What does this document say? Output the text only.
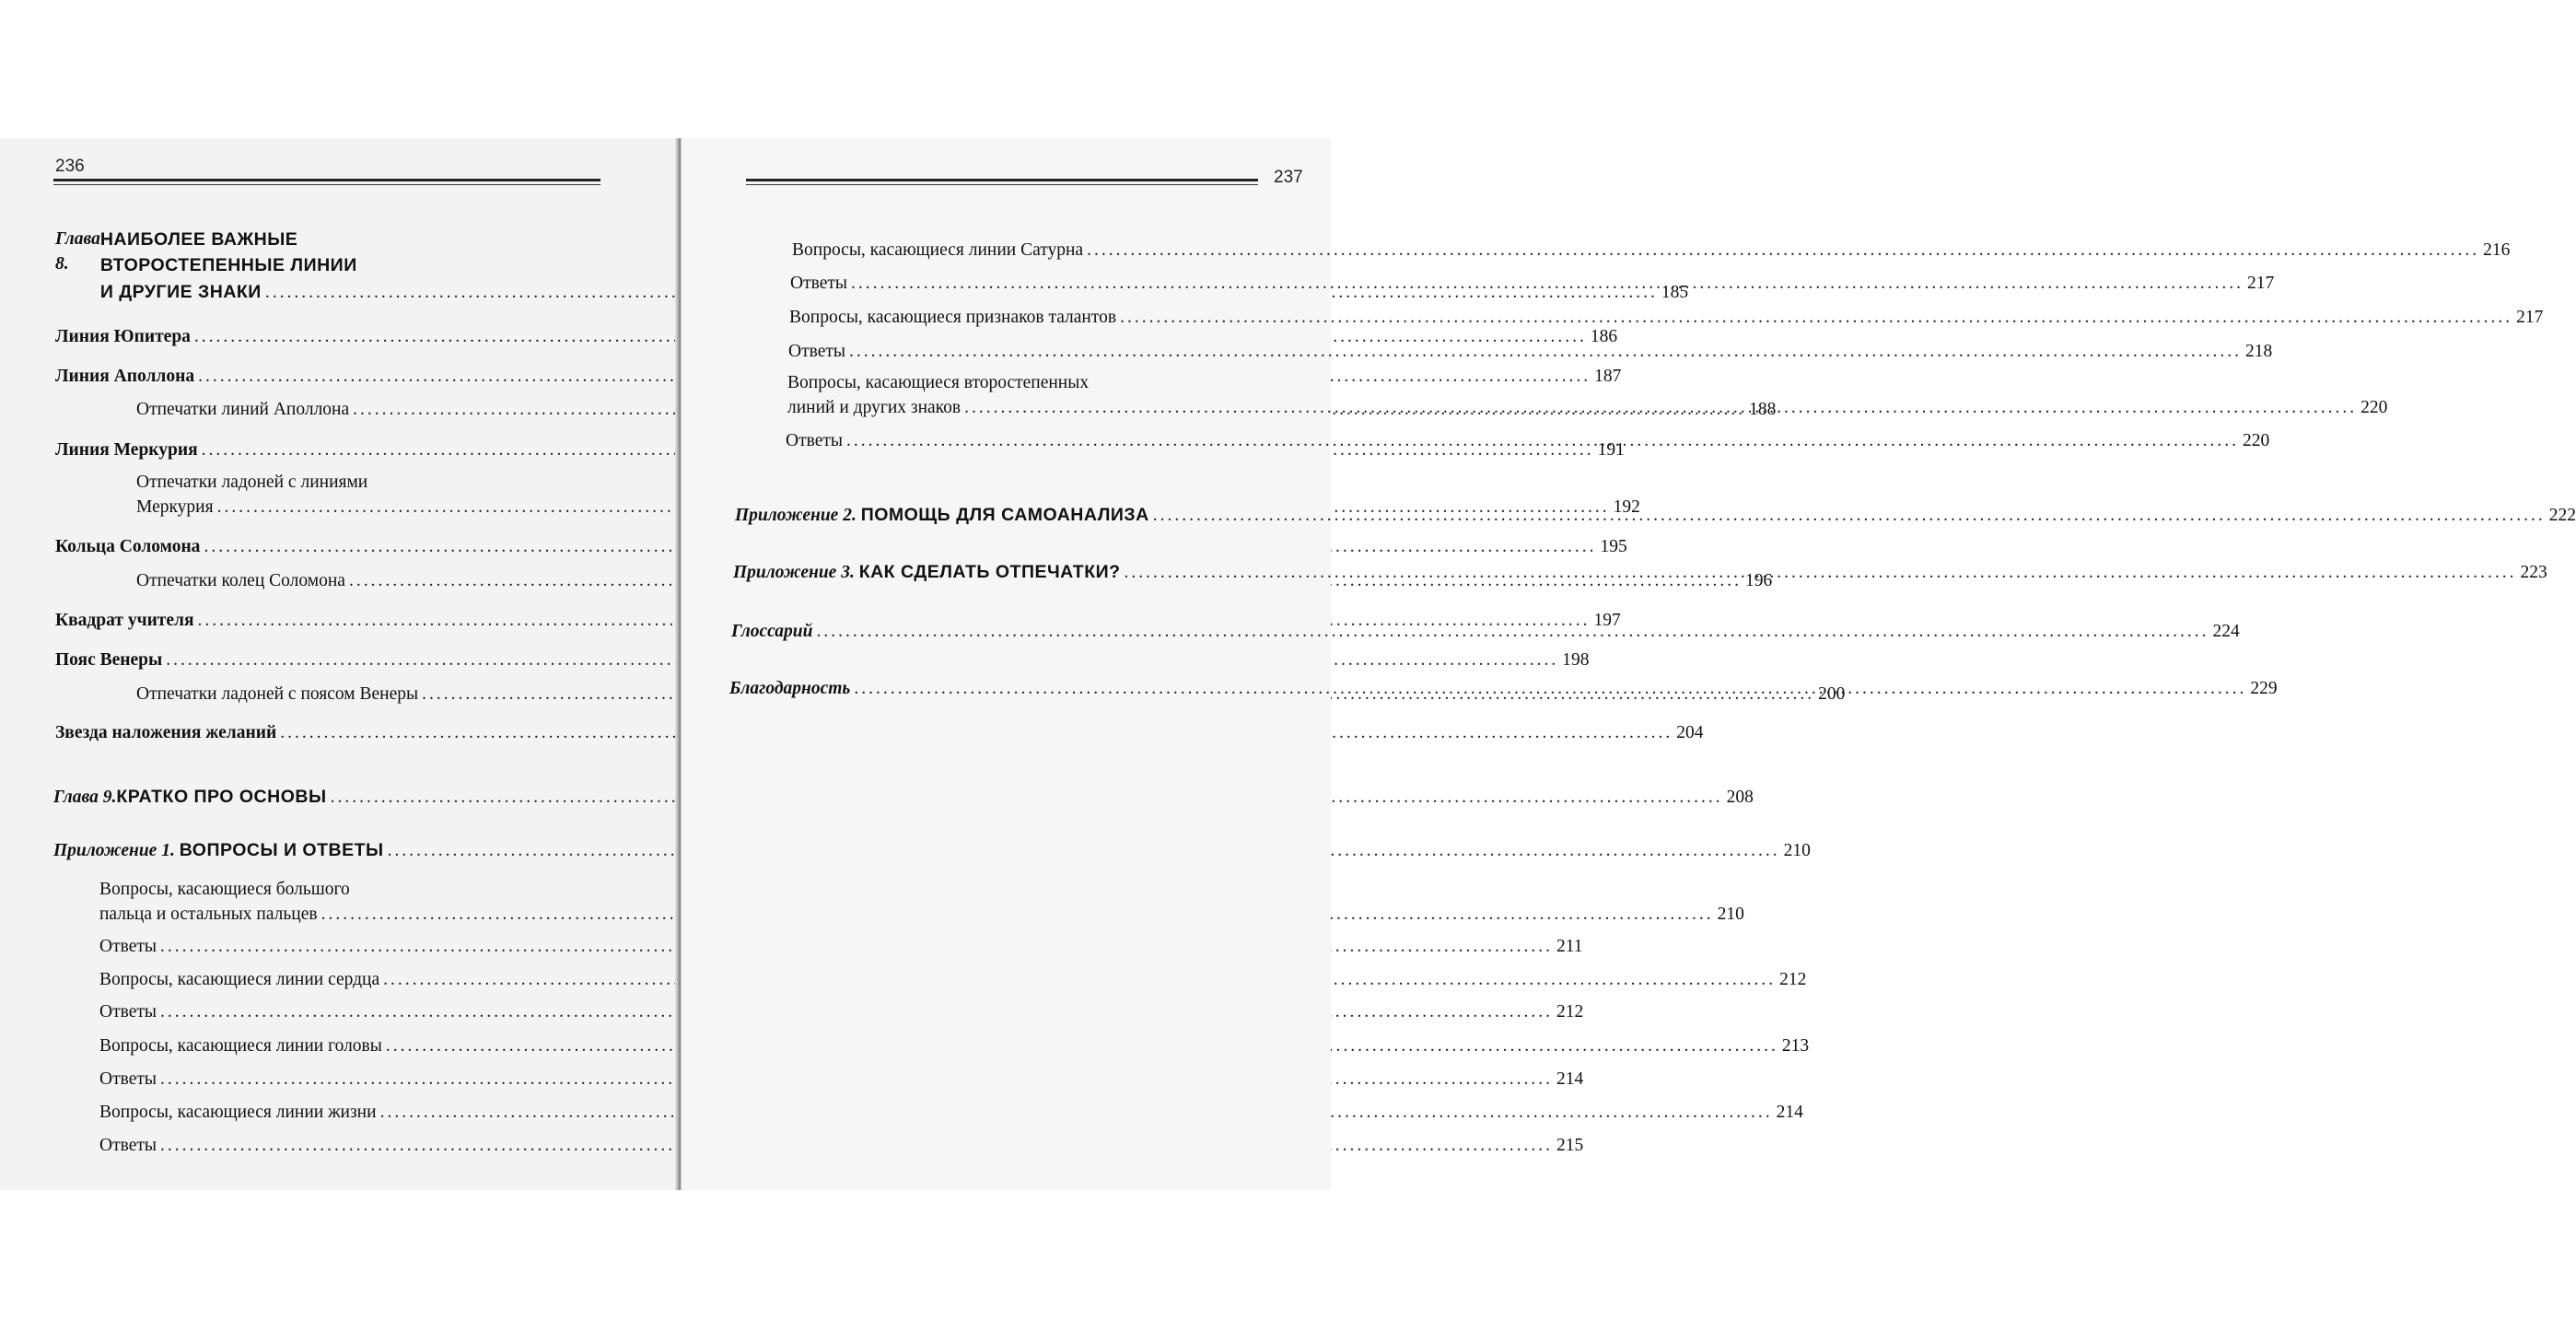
236
Глава 8.
НАИБОЛЕЕ ВАЖНЫЕ
ВТОРОСТЕПЕННЫЕ ЛИНИИ
И ДРУГИЕ ЗНАКИ .....	185
Линия Юпитера .....	186
Линия Аполлона .....	187
Отпечатки линий Аполлона .....	188
Линия Меркурия .....	191
Отпечатки ладоней с линиями
Меркурия .....	192
Кольца Соломона .....	195
Отпечатки колец Соломона .....	196
Квадрат учителя .....	197
Пояс Венеры .....	198
Отпечатки ладоней с поясом Венеры .....	200
Звезда наложения желаний .....	204
Глава 9. КРАТКО ПРО ОСНОВЫ .....	208
Приложение 1.
ВОПРОСЫ И ОТВЕТЫ .....	210
Вопросы, касающиеся большого
пальца и остальных пальцев .....	210
Ответы .....	211
Вопросы, касающиеся линии сердца .....	212
Ответы .....	212
Вопросы, касающиеся линии головы .....	213
Ответы .....	214
Вопросы, касающиеся линии жизни .....	214
Ответы .....	215
237
Вопросы, касающиеся линии Сатурна .....	216
Ответы .....	217
Вопросы, касающиеся признаков талантов .....	217
Ответы .....	218
Вопросы, касающиеся второстепенных
линий и других знаков .....	220
Ответы .....	220
Приложение 2.
ПОМОЩЬ ДЛЯ САМОАНАЛИЗА .....	222
Приложение 3.
КАК СДЕЛАТЬ ОТПЕЧАТКИ? .....	223
Глоссарий .....	224
Благодарность .....	229
